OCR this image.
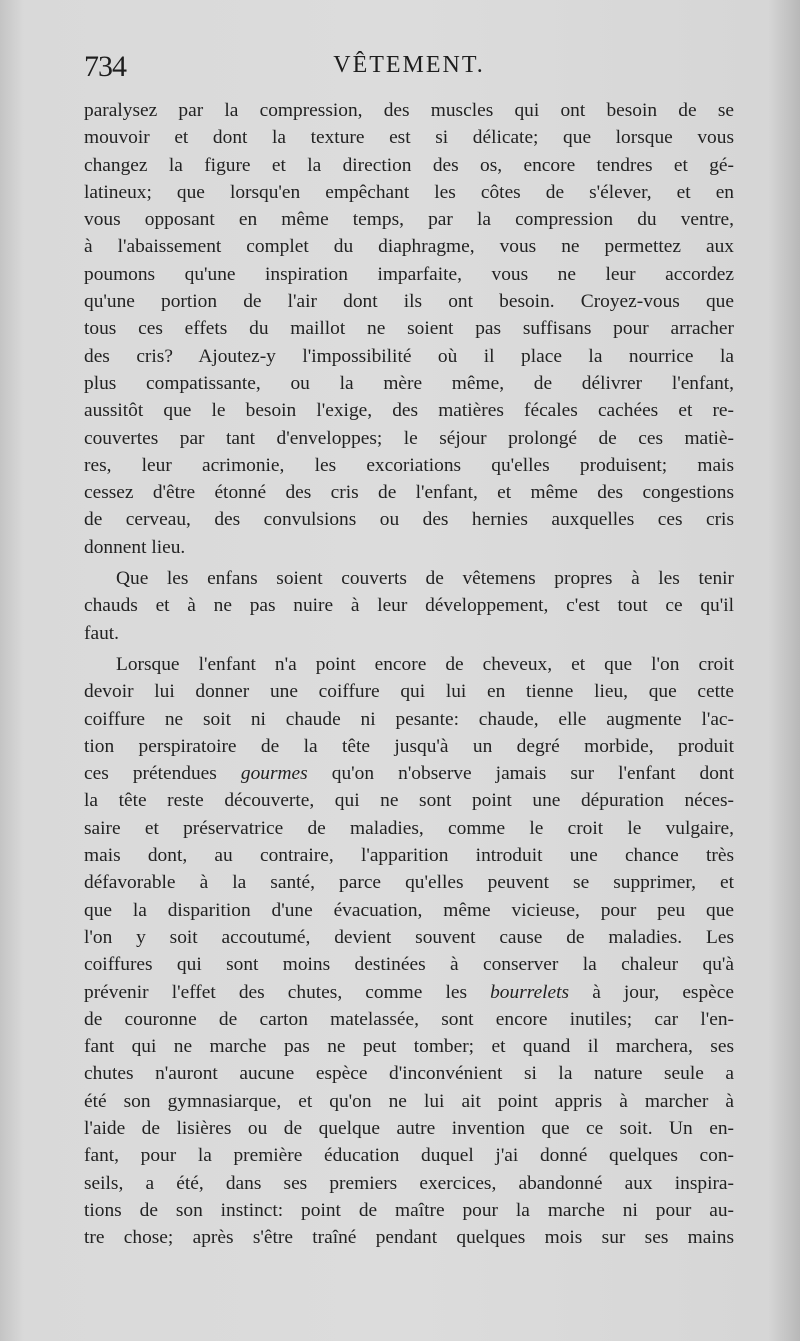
734	VÊTEMENT.
paralysez par la compression, des muscles qui ont besoin de se
mouvoir et dont la texture est si délicate; que lorsque vous
changez la figure et la direction des os, encore tendres et gé-
latineux; que lorsqu'en empêchant les côtes de s'élever, et en
vous opposant en même temps, par la compression du ventre,
à l'abaissement complet du diaphragme, vous ne permettez aux
poumons qu'une inspiration imparfaite, vous ne leur accordez
qu'une portion de l'air dont ils ont besoin. Croyez-vous que
tous ces effets du maillot ne soient pas suffisans pour arracher
des cris? Ajoutez-y l'impossibilité où il place la nourrice la
plus compatissante, ou la mère même, de délivrer l'enfant,
aussitôt que le besoin l'exige, des matières fécales cachées et re-
couvertes par tant d'enveloppes; le séjour prolongé de ces matiè-
res, leur acrimonie, les excoriations qu'elles produisent; mais
cessez d'être étonné des cris de l'enfant, et même des congestions
de cerveau, des convulsions ou des hernies auxquelles ces cris
donnent lieu.
Que les enfans soient couverts de vêtemens propres à les tenir
chauds et à ne pas nuire à leur développement, c'est tout ce qu'il
faut.
Lorsque l'enfant n'a point encore de cheveux, et que l'on croit
devoir lui donner une coiffure qui lui en tienne lieu, que cette
coiffure ne soit ni chaude ni pesante: chaude, elle augmente l'ac-
tion perspiratoire de la tête jusqu'à un degré morbide, produit
ces prétendues gourmes qu'on n'observe jamais sur l'enfant dont
la tête reste découverte, qui ne sont point une dépuration néces-
saire et préservatrice de maladies, comme le croit le vulgaire,
mais dont, au contraire, l'apparition introduit une chance très
défavorable à la santé, parce qu'elles peuvent se supprimer, et
que la disparition d'une évacuation, même vicieuse, pour peu que
l'on y soit accoutumé, devient souvent cause de maladies. Les
coiffures qui sont moins destinées à conserver la chaleur qu'à
prévenir l'effet des chutes, comme les bourrelets à jour, espèce
de couronne de carton matelassée, sont encore inutiles; car l'en-
fant qui ne marche pas ne peut tomber; et quand il marchera, ses
chutes n'auront aucune espèce d'inconvénient si la nature seule a
été son gymnasiarque, et qu'on ne lui ait point appris à marcher à
l'aide de lisières ou de quelque autre invention que ce soit. Un en-
fant, pour la première éducation duquel j'ai donné quelques con-
seils, a été, dans ses premiers exercices, abandonné aux inspira-
tions de son instinct: point de maître pour la marche ni pour au-
tre chose; après s'être traîné pendant quelques mois sur ses mains
